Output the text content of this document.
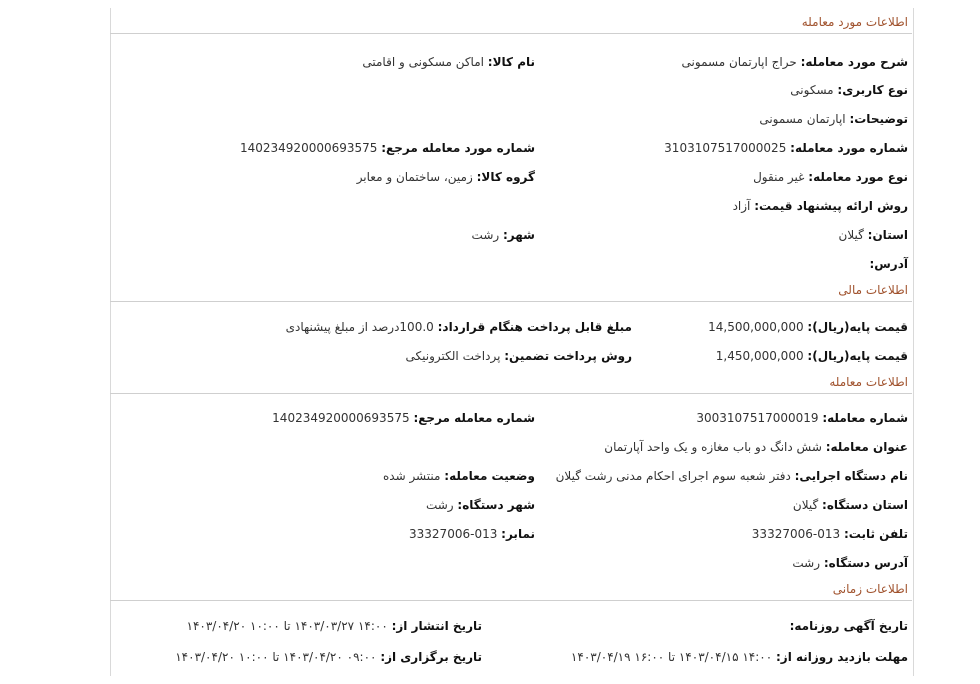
اطلاعات مورد معامله
شرح مورد معامله: حراج اپارتمان مسمونی
نام کالا: اماکن مسکونی و اقامتی
نوع کاربری: مسکونی
توضیحات: اپارتمان مسمونی
شماره مورد معامله: 3103107517000025
شماره مورد معامله مرجع: 140234920000693575
نوع مورد معامله: غیر منقول
گروه کالا: زمین، ساختمان و معابر
روش ارائه پیشنهاد قیمت: آزاد
استان: گیلان
شهر: رشت
آدرس:
اطلاعات مالی
قیمت پایه(ریال): 14,500,000,000
مبلغ قابل پرداخت هنگام قرارداد: 100.0درصد از مبلغ پیشنهادی
قیمت پایه(ریال): 1,450,000,000
روش پرداخت تضمین: پرداخت الکترونیکی
اطلاعات معامله
شماره معامله: 3003107517000019
شماره معامله مرجع: 140234920000693575
عنوان معامله: شش دانگ دو باب مغازه و یک واحد آپارتمان
نام دستگاه اجرایی: دفتر شعبه سوم اجرای احکام مدنی رشت گیلان
وضعیت معامله: منتشر شده
استان دستگاه: گیلان
شهر دستگاه: رشت
تلفن ثابت: 013-33327006
نمابر: 013-33327006
آدرس دستگاه: رشت
اطلاعات زمانی
تاریخ آگهی روزنامه:
تاریخ انتشار از: ۱۴:۰۰ ۱۴۰۳/۰۳/۲۷ تا ۱۰:۰۰ ۱۴۰۳/۰۴/۲۰
مهلت بازدید روزانه از: ۱۴:۰۰ ۱۴۰۳/۰۴/۱۵ تا ۱۶:۰۰ ۱۴۰۳/۰۴/۱۹
تاریخ برگزاری از: ۰۹:۰۰ ۱۴۰۳/۰۴/۲۰ تا ۱۰:۰۰ ۱۴۰۳/۰۴/۲۰
